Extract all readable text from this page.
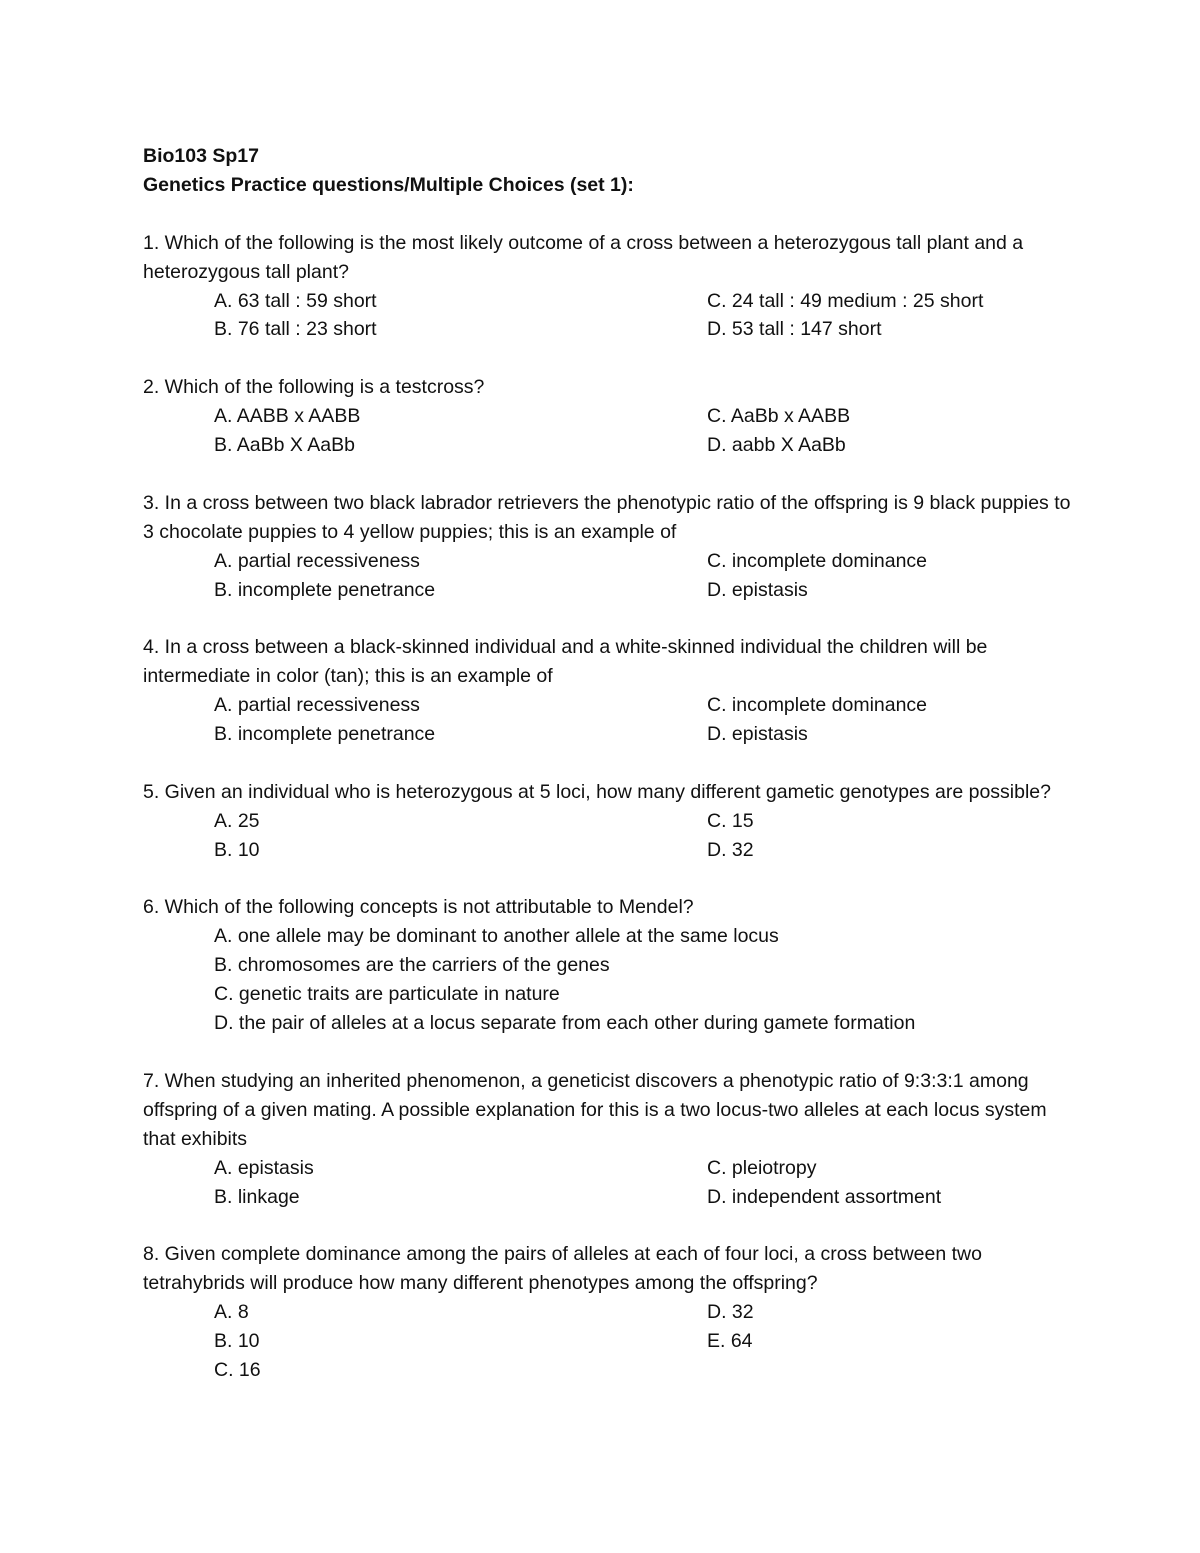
Bio103 Sp17

Genetics Practice questions/Multiple Choices (set 1):

1. Which of the following is the most likely outcome of a cross between a heterozygous tall plant and a heterozygous tall plant?

A. 63 tall : 59 short	C. 24 tall : 49 medium : 25 short
B. 76 tall : 23 short	D. 53 tall : 147 short

2. Which of the following is a testcross?

A. AABB x AABB	C. AaBb x AABB
B. AaBb X AaBb	D. aabb X AaBb

3. In a cross between two black labrador retrievers the phenotypic ratio of the offspring is 9 black puppies to 3 chocolate puppies to 4 yellow puppies; this is an example of

A. partial recessiveness	C. incomplete dominance
B. incomplete penetrance	D. epistasis

4. In a cross between a black-skinned individual and a white-skinned individual the children will be intermediate in color (tan); this is an example of

A. partial recessiveness	C. incomplete dominance
B. incomplete penetrance	D. epistasis

5. Given an individual who is heterozygous at 5 loci, how many different gametic genotypes are possible?

A. 25	C. 15
B. 10	D. 32

6. Which of the following concepts is not attributable to Mendel?

A. one allele may be dominant to another allele at the same locus
B. chromosomes are the carriers of the genes
C. genetic traits are particulate in nature
D. the pair of alleles at a locus separate from each other during gamete formation

7. When studying an inherited phenomenon, a geneticist discovers a phenotypic ratio of 9:3:3:1 among offspring of a given mating. A possible explanation for this is a two locus-two alleles at each locus system that exhibits

A. epistasis	C. pleiotropy
B. linkage	D. independent assortment

8. Given complete dominance among the pairs of alleles at each of four loci, a cross between two tetrahybrids will produce how many different phenotypes among the offspring?

A. 8	D. 32
B. 10	E. 64
C. 16
